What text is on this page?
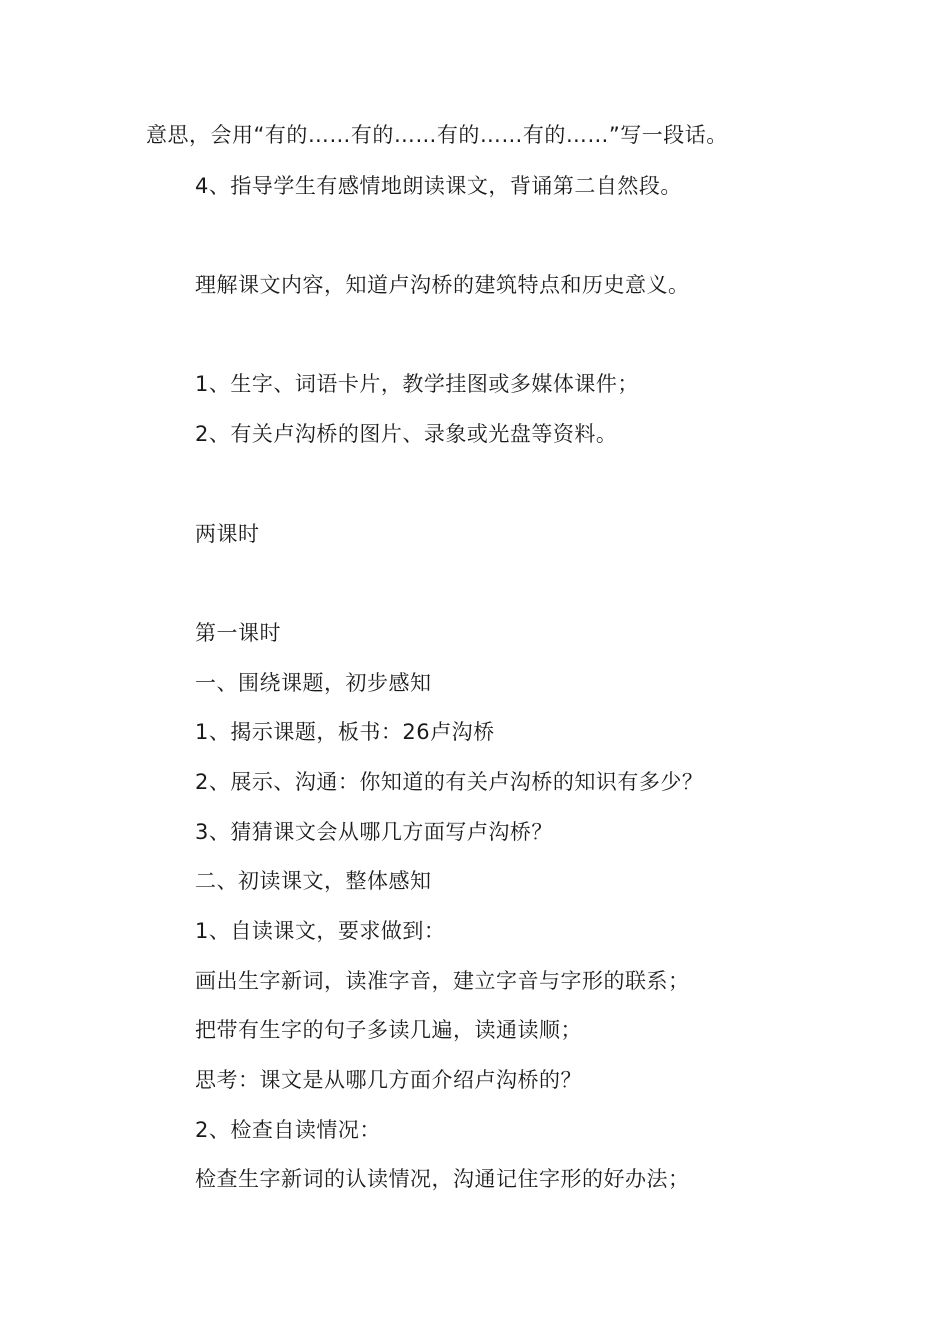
意思，会用“有的……有的……有的……有的……”写一段话。

4、指导学生有感情地朗读课文，背诵第二自然段。

理解课文内容，知道卢沟桥的建筑特点和历史意义。

1、生字、词语卡片，教学挂图或多媒体课件；

2、有关卢沟桥的图片、录象或光盘等资料。

两课时

第一课时

一、围绕课题，初步感知

1、揭示课题，板书：26卢沟桥

2、展示、沟通：你知道的有关卢沟桥的知识有多少？

3、猜猜课文会从哪几方面写卢沟桥？

二、初读课文，整体感知

1、自读课文，要求做到：

画出生字新词，读准字音，建立字音与字形的联系；

把带有生字的句子多读几遍，读通读顺；

思考：课文是从哪几方面介绍卢沟桥的？

2、检查自读情况：

检查生字新词的认读情况，沟通记住字形的好办法；
